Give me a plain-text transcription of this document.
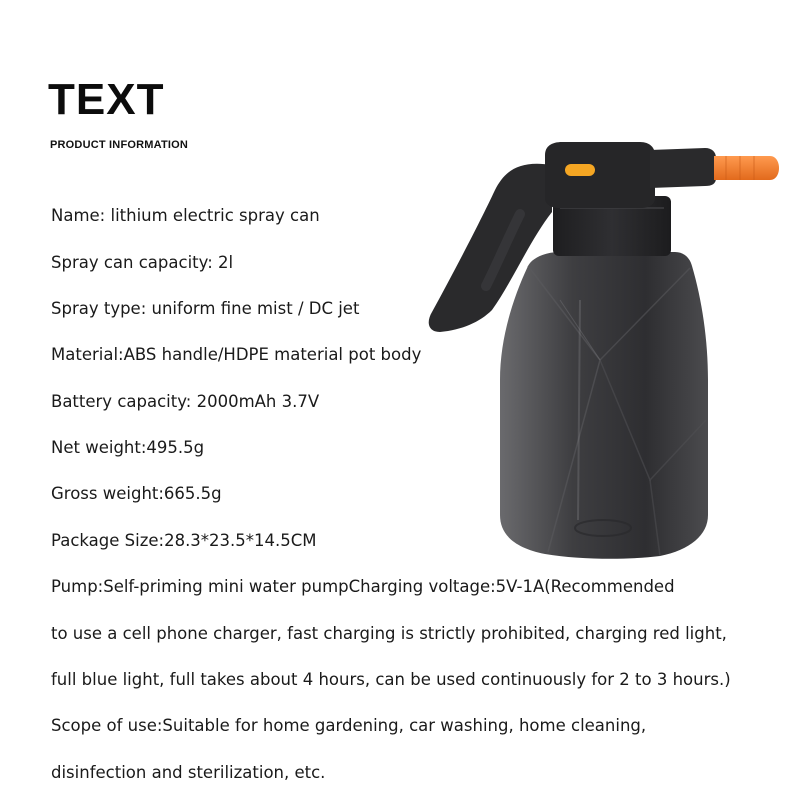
TEXT
PRODUCT INFORMATION
Name: lithium electric spray can
Spray can capacity: 2l
Spray type: uniform fine mist / DC jet
Material:ABS handle/HDPE material pot body
Battery capacity: 2000mAh 3.7V
Net weight:495.5g
Gross weight:665.5g
Package Size:28.3*23.5*14.5CM
Pump:Self-priming mini water pumpCharging voltage:5V-1A(Recommended
to use a cell phone charger, fast charging is strictly prohibited, charging red light,
full blue light, full takes about 4 hours, can be used continuously for 2 to 3 hours.)
Scope of use:Suitable for home gardening, car washing, home cleaning,
disinfection and sterilization, etc.
